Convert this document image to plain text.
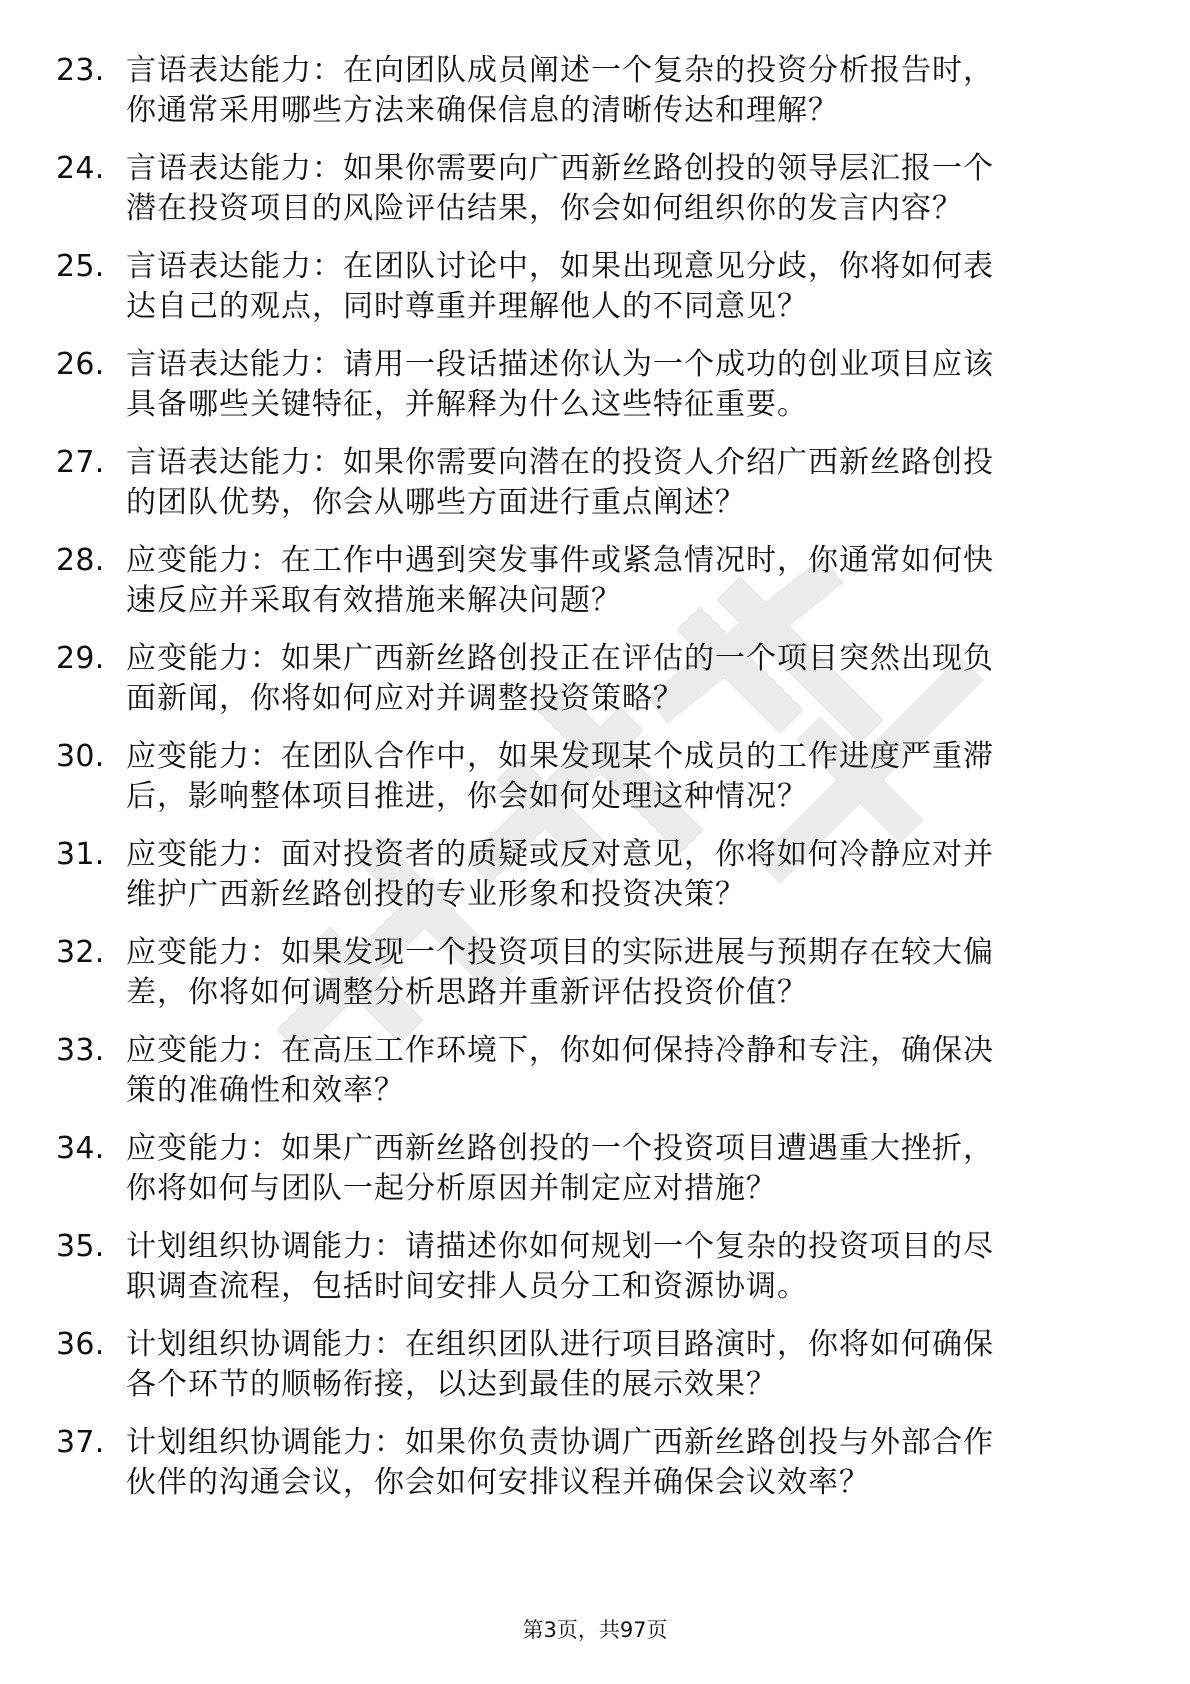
23. 言语表达能力：在向团队成员阐述一个复杂的投资分析报告时，
你通常采用哪些方法来确保信息的清晰传达和理解？
24. 言语表达能力：如果你需要向广西新丝路创投的领导层汇报一个
潜在投资项目的风险评估结果，你会如何组织你的发言内容？
25. 言语表达能力：在团队讨论中，如果出现意见分歧，你将如何表
达自己的观点，同时尊重并理解他人的不同意见？
26. 言语表达能力：请用一段话描述你认为一个成功的创业项目应该
具备哪些关键特征，并解释为什么这些特征重要。
27. 言语表达能力：如果你需要向潜在的投资人介绍广西新丝路创投
的团队优势，你会从哪些方面进行重点阐述？
28. 应变能力：在工作中遇到突发事件或紧急情况时，你通常如何快
速反应并采取有效措施来解决问题？
29. 应变能力：如果广西新丝路创投正在评估的一个项目突然出现负
面新闻，你将如何应对并调整投资策略？
30. 应变能力：在团队合作中，如果发现某个成员的工作进度严重滞
后，影响整体项目推进，你会如何处理这种情况？
31. 应变能力：面对投资者的质疑或反对意见，你将如何冷静应对并
维护广西新丝路创投的专业形象和投资决策？
32. 应变能力：如果发现一个投资项目的实际进展与预期存在较大偏
差，你将如何调整分析思路并重新评估投资价值？
33. 应变能力：在高压工作环境下，你如何保持冷静和专注，确保决
策的准确性和效率？
34. 应变能力：如果广西新丝路创投的一个投资项目遭遇重大挫折，
你将如何与团队一起分析原因并制定应对措施？
35. 计划组织协调能力：请描述你如何规划一个复杂的投资项目的尽
职调查流程，包括时间安排人员分工和资源协调。
36. 计划组织协调能力：在组织团队进行项目路演时，你将如何确保
各个环节的顺畅衔接，以达到最佳的展示效果？
37. 计划组织协调能力：如果你负责协调广西新丝路创投与外部合作
伙伴的沟通会议，你会如何安排议程并确保会议效率？
第3页，共97页
